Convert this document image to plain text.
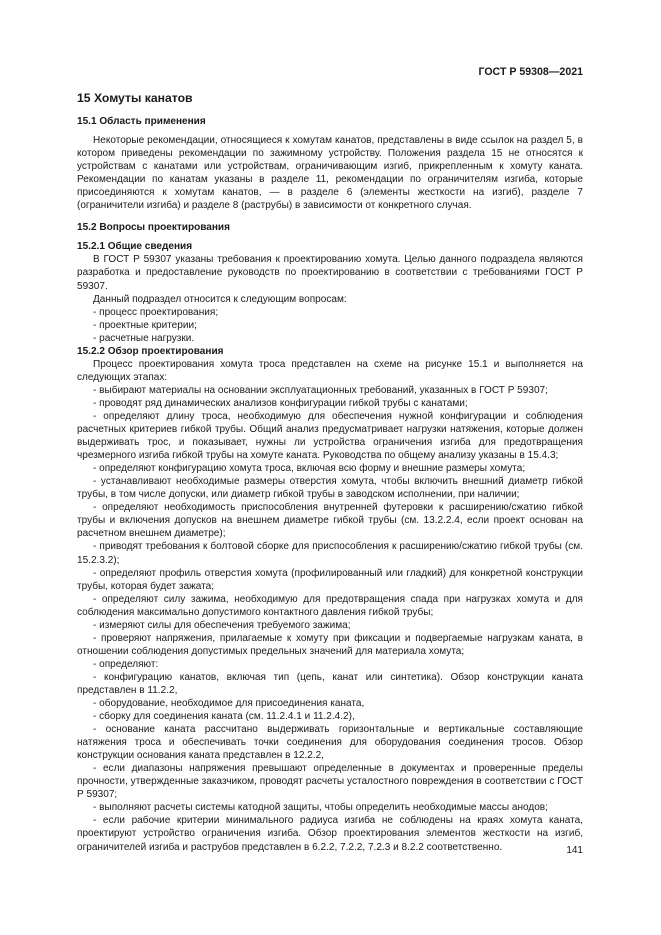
ГОСТ Р 59308—2021
15 Хомуты канатов
15.1 Область применения

Некоторые рекомендации, относящиеся к хомутам канатов, представлены в виде ссылок на раздел 5, в котором приведены рекомендации по зажимному устройству. Положения раздела 15 не относятся к устройствам с канатами или устройствам, ограничивающим изгиб, прикрепленным к хомуту каната. Рекомендации по канатам указаны в разделе 11, рекомендации по ограничителям изгиба, которые присоединяются к хомутам канатов, — в разделе 6 (элементы жесткости на изгиб), разделе 7 (ограничители изгиба) и разделе 8 (раструбы) в зависимости от конкретного случая.

15.2 Вопросы проектирования
15.2.1 Общие сведения

В ГОСТ Р 59307 указаны требования к проектированию хомута. Целью данного подраздела являются разработка и предоставление руководств по проектированию в соответствии с требованиями ГОСТ Р 59307.

Данный подраздел относится к следующим вопросам:

- процесс проектирования;

- проектные критерии;

- расчетные нагрузки.

15.2.2 Обзор проектирования

Процесс проектирования хомута троса представлен на схеме на рисунке 15.1 и выполняется на следующих этапах:

- выбирают материалы на основании эксплуатационных требований, указанных в ГОСТ Р 59307;

- проводят ряд динамических анализов конфигурации гибкой трубы с канатами;

- определяют длину троса, необходимую для обеспечения нужной конфигурации и соблюдения расчетных критериев гибкой трубы. Общий анализ предусматривает нагрузки натяжения, которые должен выдерживать трос, и показывает, нужны ли устройства ограничения изгиба для предотвращения чрезмерного изгиба гибкой трубы на хомуте каната. Руководства по общему анализу указаны в 15.4.3;

- определяют конфигурацию хомута троса, включая всю форму и внешние размеры хомута;

- устанавливают необходимые размеры отверстия хомута, чтобы включить внешний диаметр гибкой трубы, в том числе допуски, или диаметр гибкой трубы в заводском исполнении, при наличии;

- определяют необходимость приспособления внутренней футеровки к расширению/сжатию гибкой трубы и включения допусков на внешнем диаметре гибкой трубы (см. 13.2.2.4, если проект основан на расчетном внешнем диаметре);

- приводят требования к болтовой сборке для приспособления к расширению/сжатию гибкой трубы (см. 15.2.3.2);

- определяют профиль отверстия хомута (профилированный или гладкий) для конкретной конструкции трубы, которая будет зажата;

- определяют силу зажима, необходимую для предотвращения спада при нагрузках хомута и для соблюдения максимально допустимого контактного давления гибкой трубы;

- измеряют силы для обеспечения требуемого зажима;

- проверяют напряжения, прилагаемые к хомуту при фиксации и подвергаемые нагрузкам каната, в отношении соблюдения допустимых предельных значений для материала хомута;

- определяют:

- конфигурацию канатов, включая тип (цепь, канат или синтетика). Обзор конструкции каната представлен в 11.2.2,

- оборудование, необходимое для присоединения каната,

- сборку для соединения каната (см. 11.2.4.1 и 11.2.4.2),

- основание каната рассчитано выдерживать горизонтальные и вертикальные составляющие натяжения троса и обеспечивать точки соединения для оборудования соединения тросов. Обзор конструкции основания каната представлен в 12.2.2,

- если диапазоны напряжения превышают определенные в документах и проверенные пределы прочности, утвержденные заказчиком, проводят расчеты усталостного повреждения в соответствии с ГОСТ Р 59307;

- выполняют расчеты системы катодной защиты, чтобы определить необходимые массы анодов;

- если рабочие критерии минимального радиуса изгиба не соблюдены на краях хомута каната, проектируют устройство ограничения изгиба. Обзор проектирования элементов жесткости на изгиб, ограничителей изгиба и раструбов представлен в 6.2.2, 7.2.2, 7.2.3 и 8.2.2 соответственно.	141
